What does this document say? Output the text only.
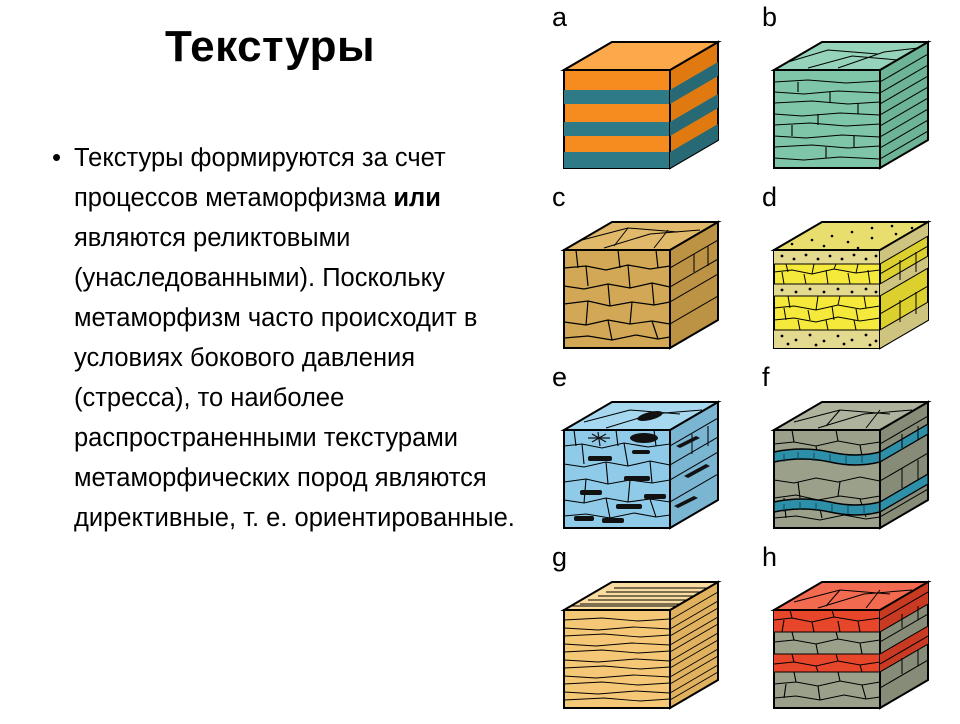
Текстуры
• Текстуры формируются за счет процессов метаморфизма или являются реликтовыми (унаследованными). Поскольку метаморфизм часто происходит в условиях бокового давления (стресса), то наиболее распространенными текстурами метаморфических пород являются директивные, т. е. ориентированные.
a	b
c	d
e	f
g	h
